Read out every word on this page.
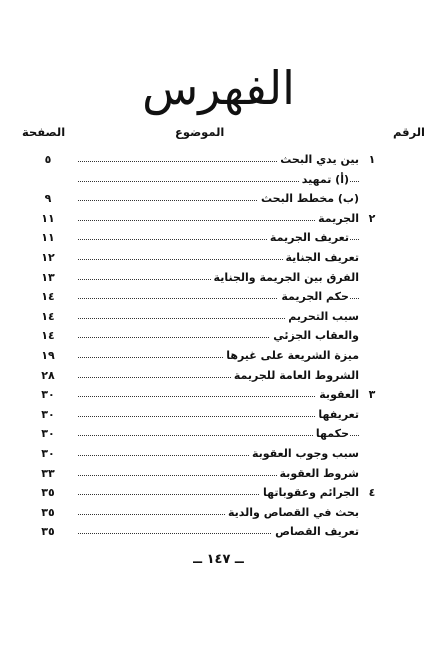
الفهرس
الرقم
الموضوع
الصفحة
١
بين يدي البحث
٥
(أ) تمهيد
(ب) مخطط البحث
٩
٢
الجريمة
١١
تعريف الجريمة
١١
تعريف الجناية
١٢
الفرق بين الجريمة والجناية
١٣
حكم الجريمة
١٤
سبب التحريم
١٤
والعقاب الجزئي
١٤
ميزة الشريعة على غيرها
١٩
الشروط العامة للجريمة
٢٨
٣
العقوبة
٣٠
تعريفها
٣٠
حكمها
٣٠
سبب وجوب العقوبة
٣٠
شروط العقوبة
٣٣
٤
الجرائم وعقوباتها
٣٥
بحث في القصاص والدية
٣٥
تعريف القصاص
٣٥
ــ ١٤٧ ــ
